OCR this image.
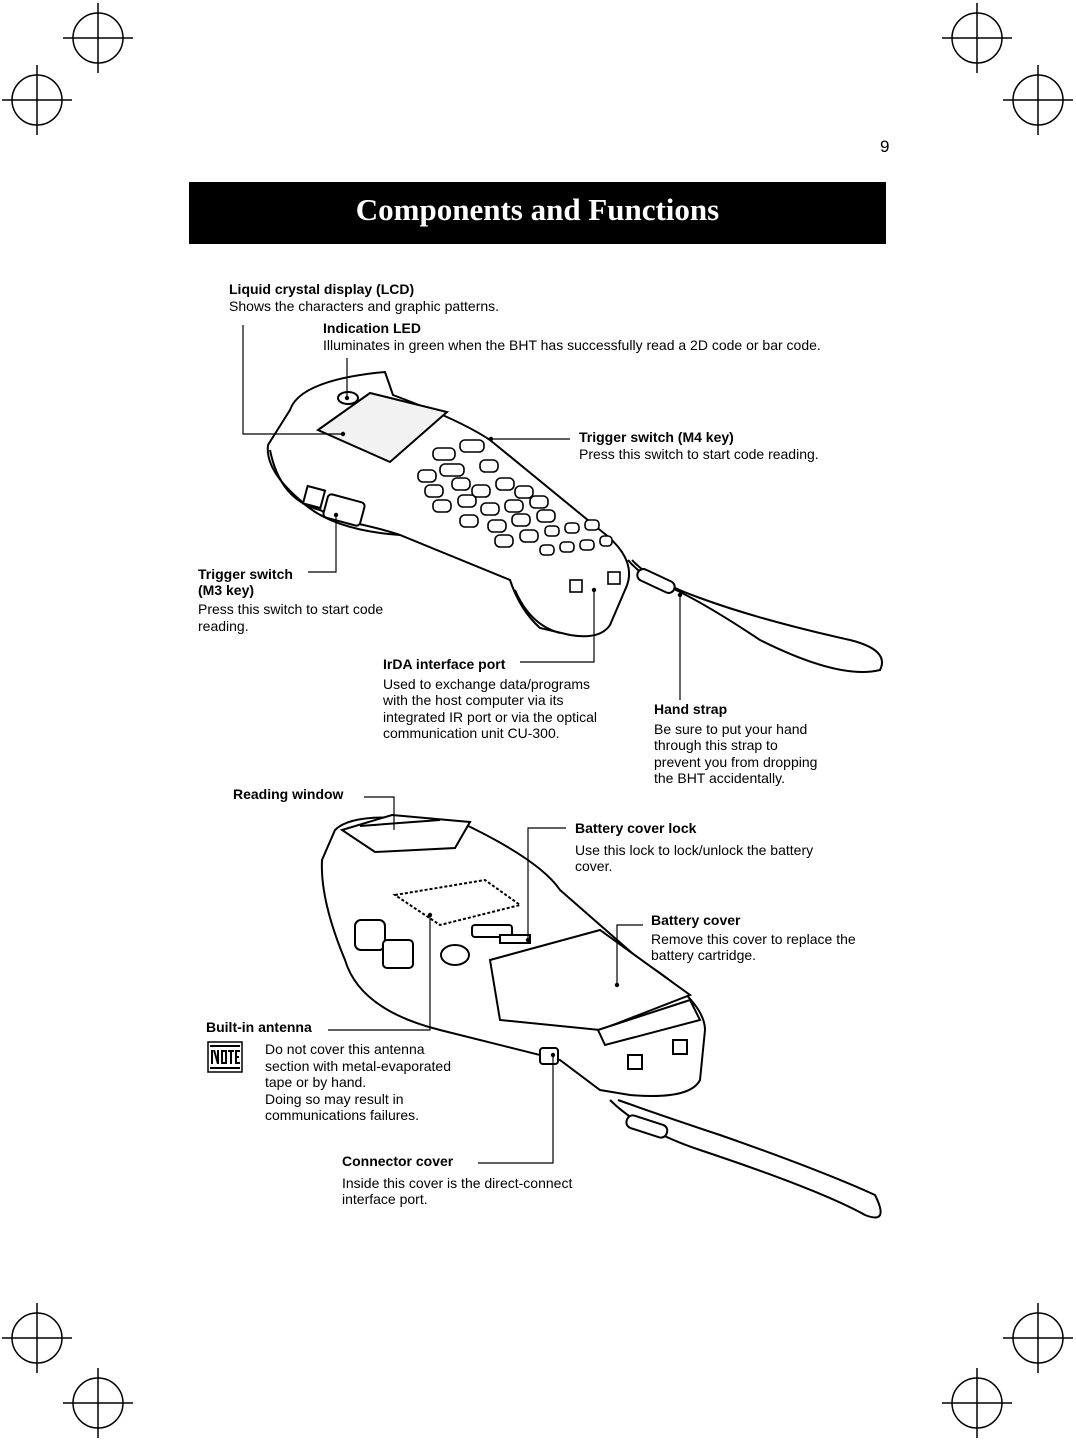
9
Components and Functions
Liquid crystal display (LCD)
Shows the characters and graphic patterns.
Indication LED
Illuminates in green when the BHT has successfully read a 2D code or bar code.
Trigger switch (M4 key)
Press this switch to start code reading.
Trigger switch
(M3 key)
Press this switch to start code
reading.
IrDA interface port
Used to exchange data/programs
with the host computer via its
integrated IR port or via the optical
communication unit CU-300.
Hand strap
Be sure to put your hand
through this strap to
prevent you from dropping
the BHT accidentally.
Reading window
Battery cover lock
Use this lock to lock/unlock the battery
cover.
Battery cover
Remove this cover to replace the
battery cartridge.
Built-in antenna
Do not cover this antenna
section with metal-evaporated
tape or by hand.
Doing so may result in
communications failures.
Connector cover
Inside this cover is the direct-connect
interface port.
